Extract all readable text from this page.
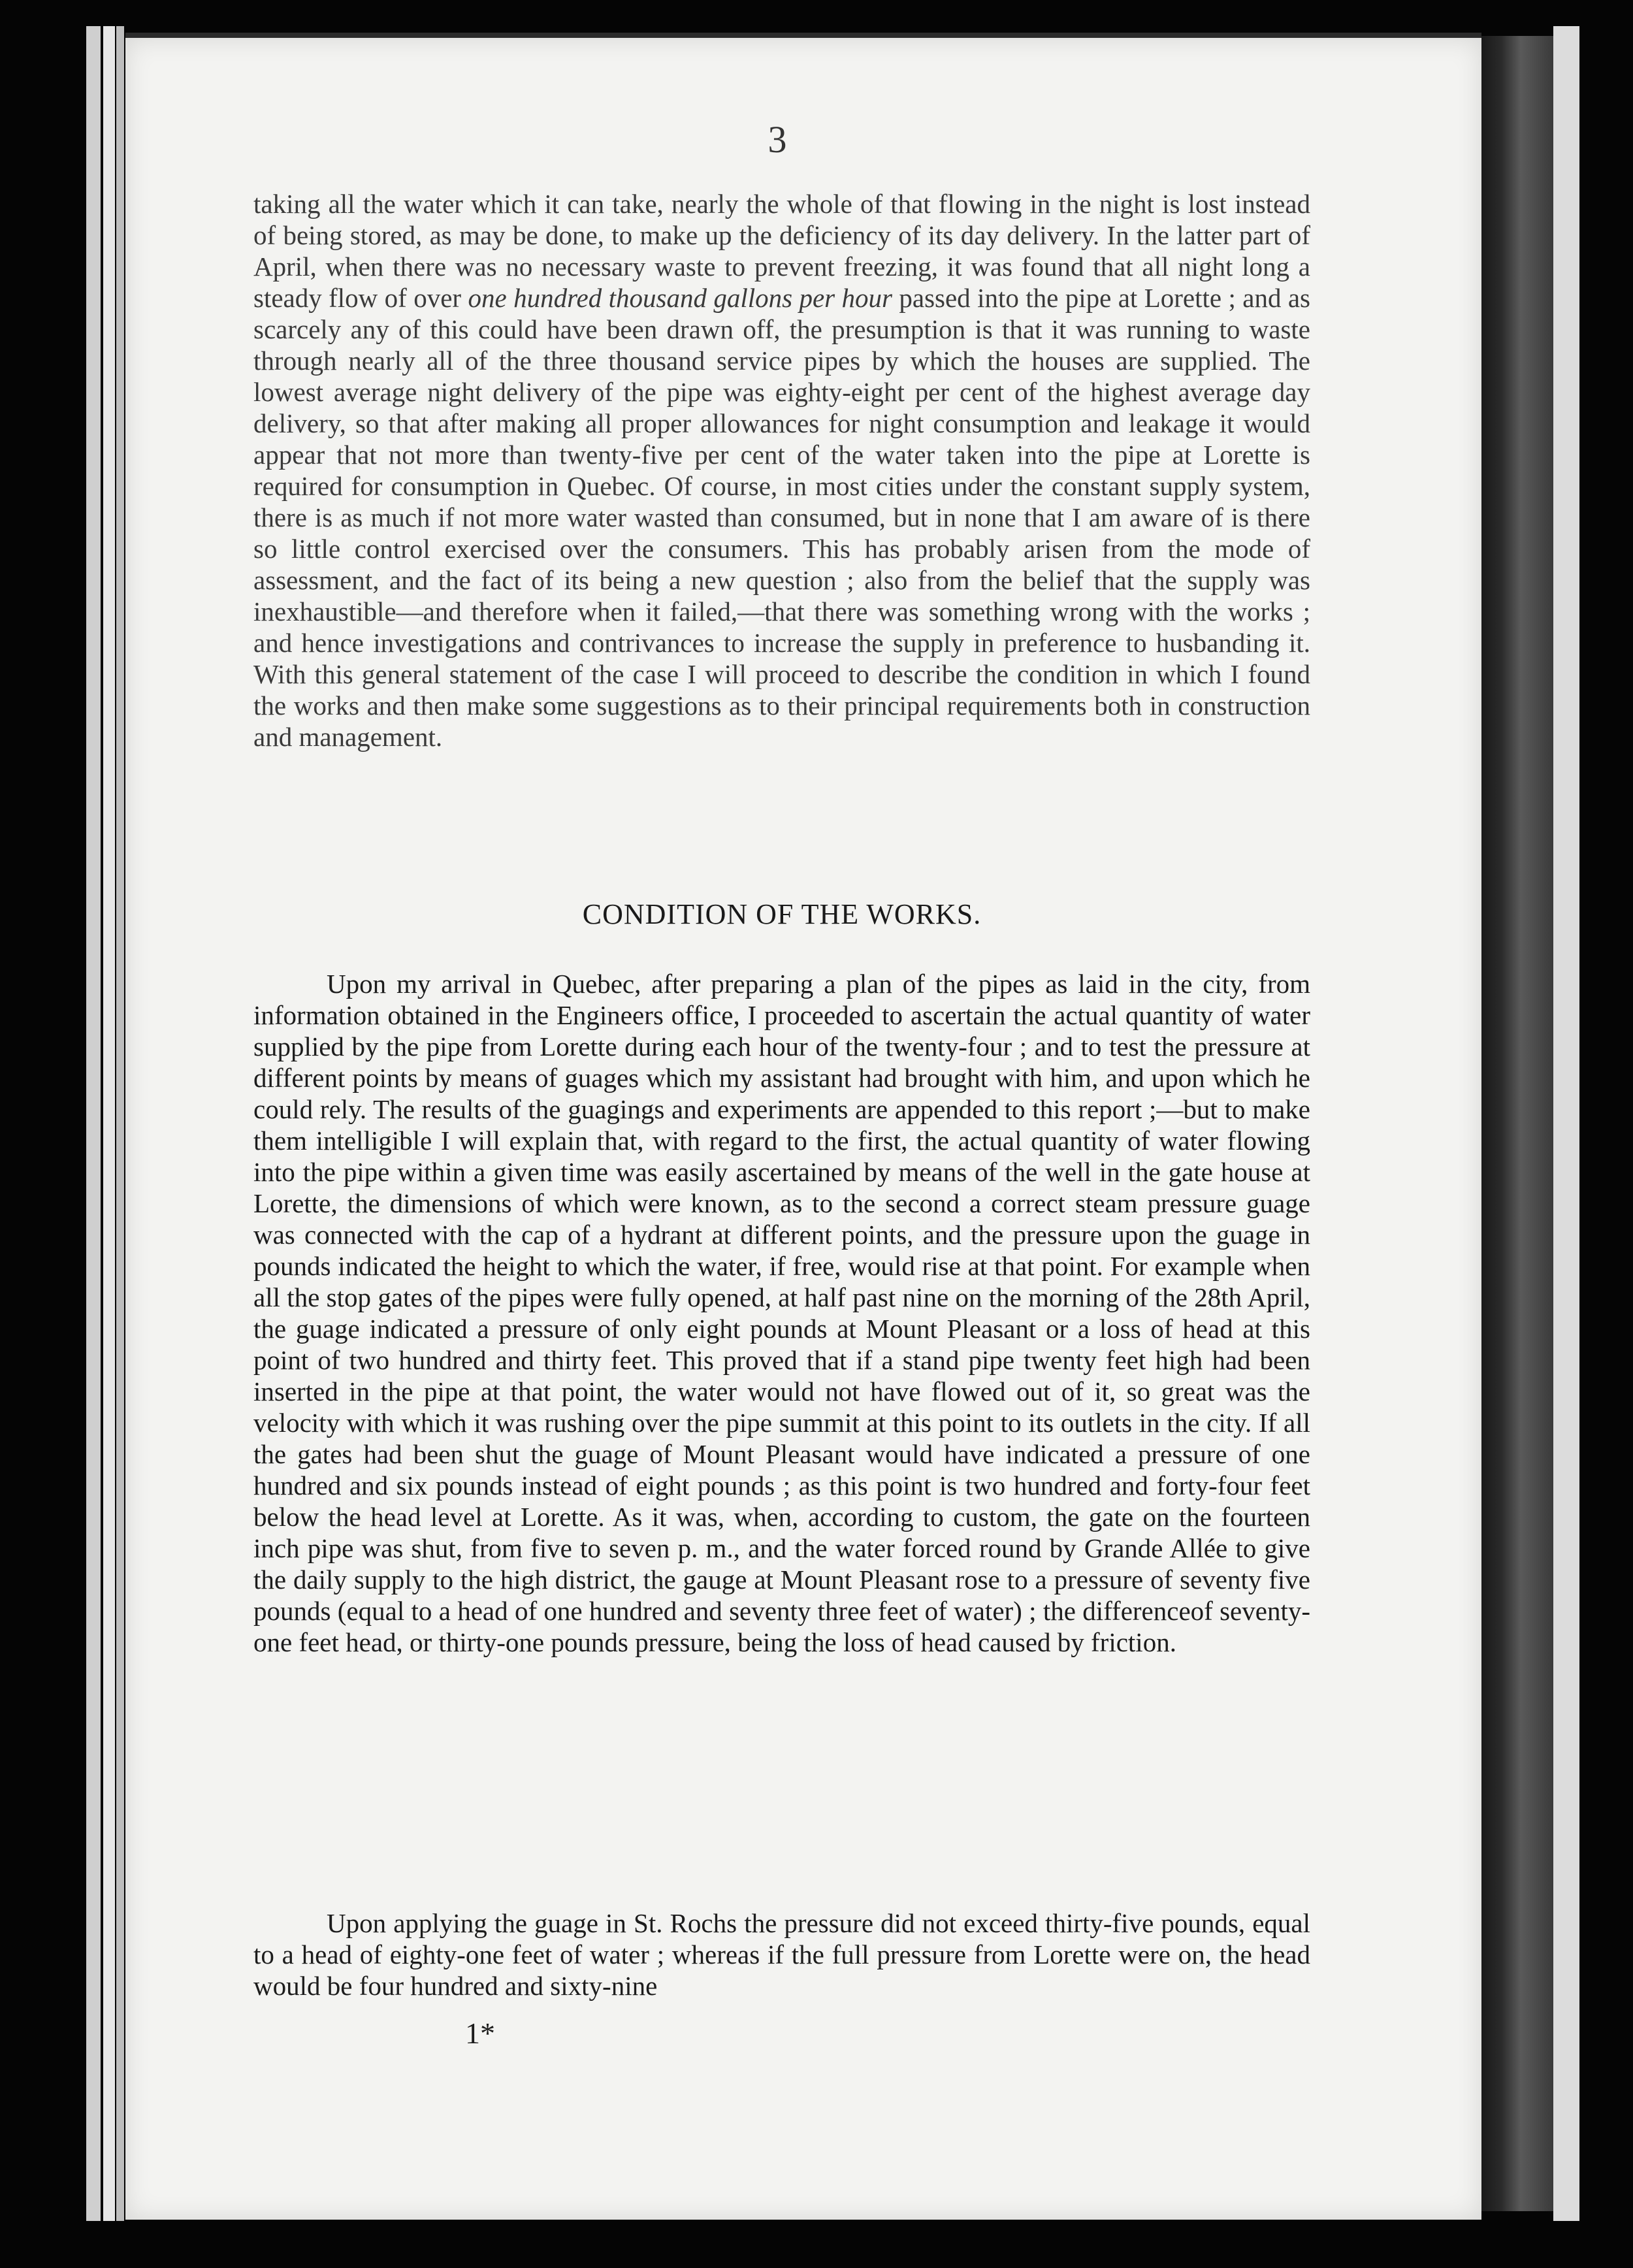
3

taking all the water which it can take, nearly the whole of that flowing in the night is lost instead of being stored, as may be done, to make up the deficiency of its day delivery. In the latter part of April, when there was no necessary waste to prevent freezing, it was found that all night long a steady flow of over one hundred thousand gallons per hour passed into the pipe at Lorette ; and as scarcely any of this could have been drawn off, the presumption is that it was running to waste through nearly all of the three thousand service pipes by which the houses are supplied. The lowest average night delivery of the pipe was eighty-eight per cent of the highest average day delivery, so that after making all proper allowances for night consumption and leakage it would appear that not more than twenty-five per cent of the water taken into the pipe at Lorette is required for consumption in Quebec. Of course, in most cities under the constant supply system, there is as much if not more water wasted than consumed, but in none that I am aware of is there so little control exercised over the consumers. This has probably arisen from the mode of assessment, and the fact of its being a new question ; also from the belief that the supply was inexhaustible—and therefore when it failed,—that there was something wrong with the works ; and hence investigations and contrivances to increase the supply in preference to husbanding it. With this general statement of the case I will proceed to describe the condition in which I found the works and then make some suggestions as to their principal requirements both in construction and management.

CONDITION OF THE WORKS.

Upon my arrival in Quebec, after preparing a plan of the pipes as laid in the city, from information obtained in the Engineers office, I proceeded to ascertain the actual quantity of water supplied by the pipe from Lorette during each hour of the twenty-four ; and to test the pressure at different points by means of guages which my assistant had brought with him, and upon which he could rely. The results of the guagings and experiments are appended to this report ;—but to make them intelligible I will explain that, with regard to the first, the actual quantity of water flowing into the pipe within a given time was easily ascertained by means of the well in the gate house at Lorette, the dimensions of which were known, as to the second a correct steam pressure guage was connected with the cap of a hydrant at different points, and the pressure upon the guage in pounds indicated the height to which the water, if free, would rise at that point. For example when all the stop gates of the pipes were fully opened, at half past nine on the morning of the 28th April, the guage indicated a pressure of only eight pounds at Mount Pleasant or a loss of head at this point of two hundred and thirty feet. This proved that if a stand pipe twenty feet high had been inserted in the pipe at that point, the water would not have flowed out of it, so great was the velocity with which it was rushing over the pipe summit at this point to its outlets in the city. If all the gates had been shut the guage of Mount Pleasant would have indicated a pressure of one hundred and six pounds instead of eight pounds ; as this point is two hundred and forty-four feet below the head level at Lorette. As it was, when, according to custom, the gate on the fourteen inch pipe was shut, from five to seven p. m., and the water forced round by Grande Allée to give the daily supply to the high district, the gauge at Mount Pleasant rose to a pressure of seventy five pounds (equal to a head of one hundred and seventy three feet of water) ; the differenceof seventy-one feet head, or thirty-one pounds pressure, being the loss of head caused by friction.

Upon applying the guage in St. Rochs the pressure did not exceed thirty-five pounds, equal to a head of eighty-one feet of water ; whereas if the full pressure from Lorette were on, the head would be four hundred and sixty-nine

1*
